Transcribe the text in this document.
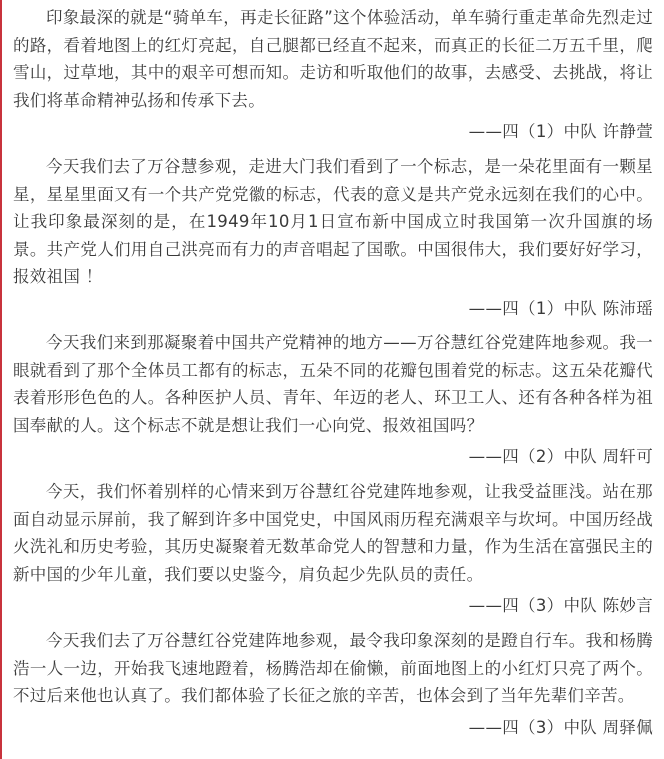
印象最深的就是“骑单车，再走长征路”这个体验活动，单车骑行重走革命先烈走过的路，看着地图上的红灯亮起，自己腿都已经直不起来，而真正的长征二万五千里，爬雪山，过草地，其中的艰辛可想而知。走访和听取他们的故事，去感受、去挑战，将让我们将革命精神弘扬和传承下去。

——四（1）中队 许静萱

今天我们去了万谷慧参观，走进大门我们看到了一个标志，是一朵花里面有一颗星星，星星里面又有一个共产党党徽的标志，代表的意义是共产党永远刻在我们的心中。让我印象最深刻的是，在1949年10月1日宣布新中国成立时我国第一次升国旗的场景。共产党人们用自己洪亮而有力的声音唱起了国歌。中国很伟大，我们要好好学习，报效祖国 ！

——四（1）中队 陈沛瑶

今天我们来到那凝聚着中国共产党精神的地方——万谷慧红谷党建阵地参观。我一眼就看到了那个全体员工都有的标志，五朵不同的花瓣包围着党的标志。这五朵花瓣代表着形形色色的人。各种医护人员、青年、年迈的老人、环卫工人、还有各种各样为祖国奉献的人。这个标志不就是想让我们一心向党、报效祖国吗？

——四（2）中队 周轩可

今天，我们怀着别样的心情来到万谷慧红谷党建阵地参观，让我受益匪浅。站在那面自动显示屏前，我了解到许多中国党史，中国风雨历程充满艰辛与坎坷。中国历经战火洗礼和历史考验，其历史凝聚着无数革命党人的智慧和力量，作为生活在富强民主的新中国的少年儿童，我们要以史鉴今，肩负起少先队员的责任。

——四（3）中队 陈妙言

今天我们去了万谷慧红谷党建阵地参观，最令我印象深刻的是蹬自行车。我和杨腾浩一人一边，开始我飞速地蹬着，杨腾浩却在偷懒，前面地图上的小红灯只亮了两个。不过后来他也认真了。我们都体验了长征之旅的辛苦，也体会到了当年先辈们辛苦。

——四（3）中队 周驿佩
